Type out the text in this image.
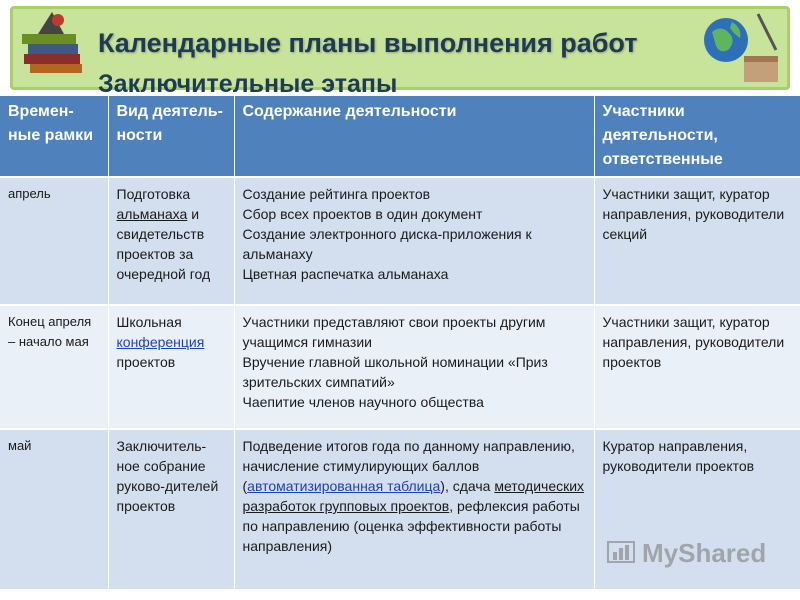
Календарные планы выполнения работ
Заключительные этапы
Времен-ные рамки	Вид деятель-ности	Содержание деятельности	Участники деятельности, ответственные
апрель	Подготовка альманаха и свидетельств проектов за очередной год	Создание рейтинга проектов
Сбор всех проектов в один документ
Создание электронного диска-приложения к альманаху
Цветная распечатка альманаха	Участники защит, куратор направления, руководители секций
Конец апреля – начало мая	Школьная конференция проектов	Участники представляют свои проекты другим учащимся гимназии
Вручение главной школьной номинации «Приз зрительских симпатий»
Чаепитие членов научного общества	Участники защит, куратор направления, руководители проектов
май	Заключитель-ное собрание руково-дителей проектов	Подведение итогов года по данному направлению, начисление стимулирующих баллов (автоматизированная таблица), сдача методических разработок групповых проектов, рефлексия работы по направлению (оценка эффективности работы направления)	Куратор направления, руководители проектов
MyShared
